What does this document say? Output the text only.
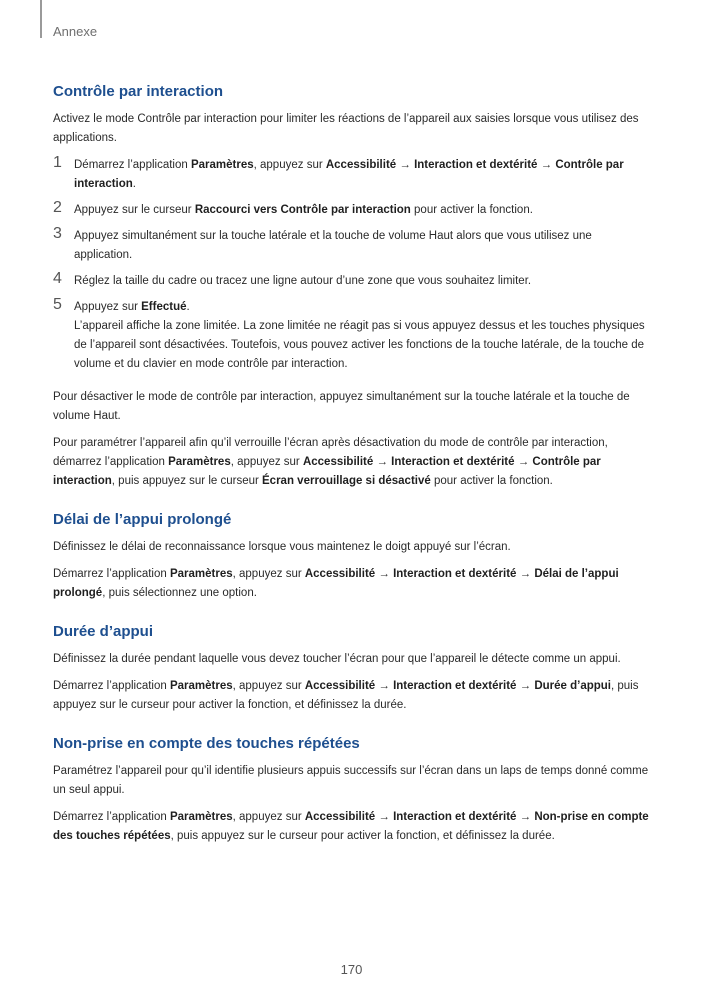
Annexe
Contrôle par interaction

Activez le mode Contrôle par interaction pour limiter les réactions de l’appareil aux saisies lorsque vous utilisez des applications.

1 Démarrez l’application Paramètres, appuyez sur Accessibilité → Interaction et dextérité → Contrôle par interaction.
2 Appuyez sur le curseur Raccourci vers Contrôle par interaction pour activer la fonction.
3 Appuyez simultanément sur la touche latérale et la touche de volume Haut alors que vous utilisez une application.
4 Réglez la taille du cadre ou tracez une ligne autour d’une zone que vous souhaitez limiter.
5 Appuyez sur Effectué.
L’appareil affiche la zone limitée. La zone limitée ne réagit pas si vous appuyez dessus et les touches physiques de l’appareil sont désactivées. Toutefois, vous pouvez activer les fonctions de la touche latérale, de la touche de volume et du clavier en mode contrôle par interaction.

Pour désactiver le mode de contrôle par interaction, appuyez simultanément sur la touche latérale et la touche de volume Haut.

Pour paramétrer l’appareil afin qu’il verrouille l’écran après désactivation du mode de contrôle par interaction, démarrez l’application Paramètres, appuyez sur Accessibilité → Interaction et dextérité → Contrôle par interaction, puis appuyez sur le curseur Écran verrouillage si désactivé pour activer la fonction.

Délai de l’appui prolongé

Définissez le délai de reconnaissance lorsque vous maintenez le doigt appuyé sur l’écran.

Démarrez l’application Paramètres, appuyez sur Accessibilité → Interaction et dextérité → Délai de l’appui prolongé, puis sélectionnez une option.

Durée d’appui

Définissez la durée pendant laquelle vous devez toucher l’écran pour que l’appareil le détecte comme un appui.

Démarrez l’application Paramètres, appuyez sur Accessibilité → Interaction et dextérité → Durée d’appui, puis appuyez sur le curseur pour activer la fonction, et définissez la durée.

Non-prise en compte des touches répétées

Paramétrez l’appareil pour qu’il identifie plusieurs appuis successifs sur l’écran dans un laps de temps donné comme un seul appui.

Démarrez l’application Paramètres, appuyez sur Accessibilité → Interaction et dextérité → Non-prise en compte des touches répétées, puis appuyez sur le curseur pour activer la fonction, et définissez la durée.

170
